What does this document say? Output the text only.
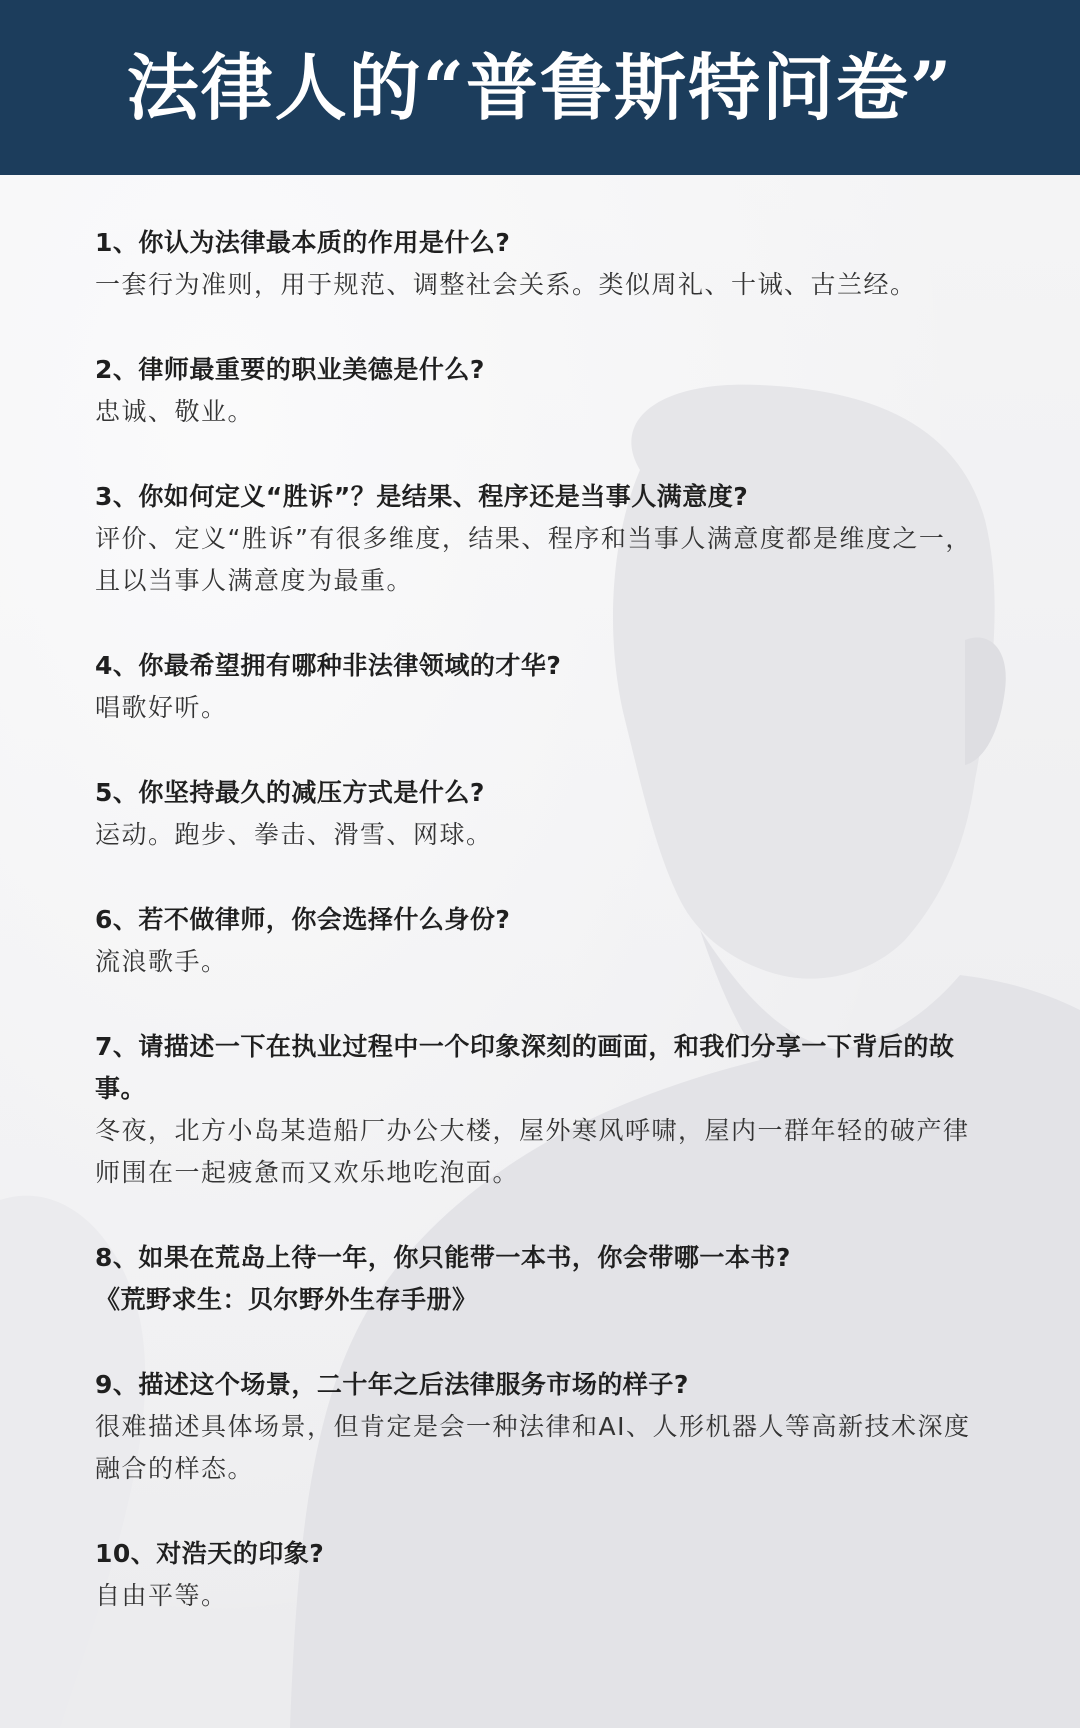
法律人的“普鲁斯特问卷”
1、你认为法律最本质的作用是什么?
一套行为准则，用于规范、调整社会关系。类似周礼、十诫、古兰经。
2、律师最重要的职业美德是什么?
忠诚、敬业。
3、你如何定义“胜诉”？是结果、程序还是当事人满意度?
评价、定义“胜诉”有很多维度，结果、程序和当事人满意度都是维度之一，且以当事人满意度为最重。
4、你最希望拥有哪种非法律领域的才华?
唱歌好听。
5、你坚持最久的减压方式是什么?
运动。跑步、拳击、滑雪、网球。
6、若不做律师，你会选择什么身份?
流浪歌手。
7、请描述一下在执业过程中一个印象深刻的画面，和我们分享一下背后的故事。
冬夜，北方小岛某造船厂办公大楼，屋外寒风呼啸，屋内一群年轻的破产律师围在一起疲惫而又欢乐地吃泡面。
8、如果在荒岛上待一年，你只能带一本书，你会带哪一本书?
《荒野求生：贝尔野外生存手册》
9、描述这个场景，二十年之后法律服务市场的样子?
很难描述具体场景，但肯定是会一种法律和AI、人形机器人等高新技术深度融合的样态。
10、对浩天的印象?
自由平等。
